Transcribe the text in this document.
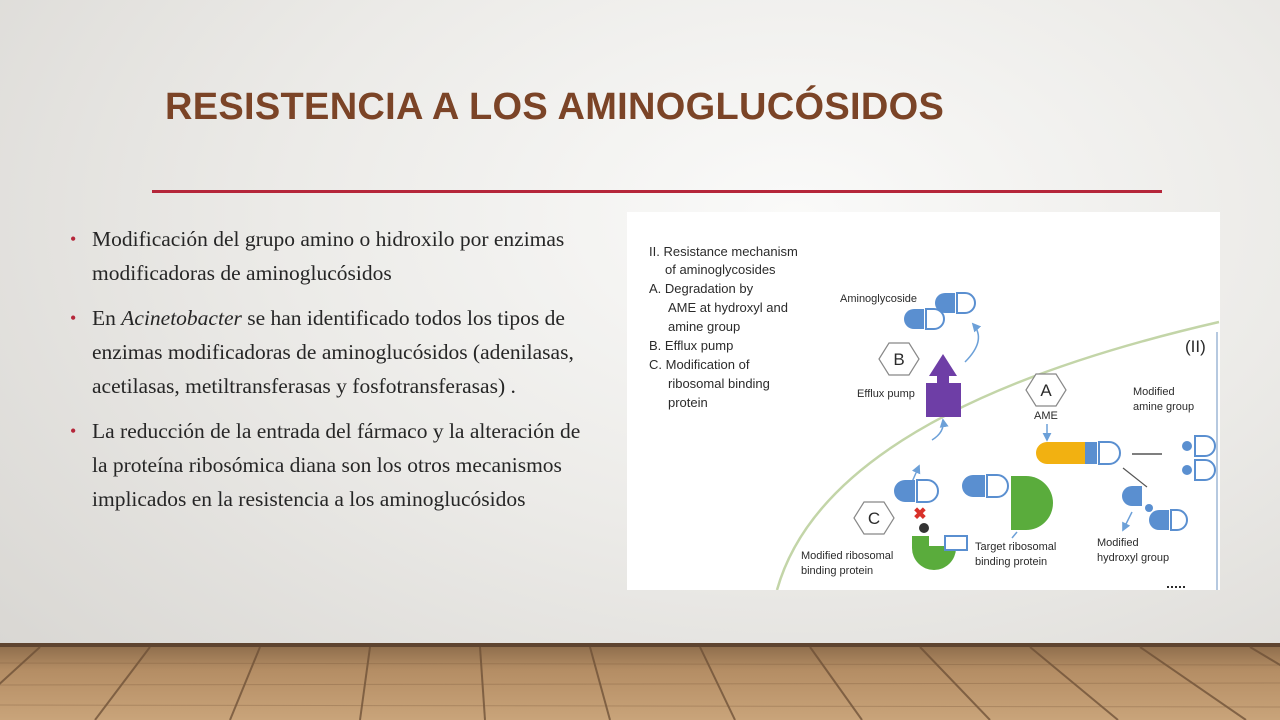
RESISTENCIA A LOS AMINOGLUCÓSIDOS
• Modificación del grupo amino o hidroxilo por enzimas modificadoras de aminoglucósidos
• En Acinetobacter se han identificado todos los tipos de enzimas modificadoras de aminoglucósidos (adenilasas, acetilasas, metiltransferasas y fosfotransferasas) .
• La reducción de la entrada del fármaco y la alteración de la proteína ribosómica diana son los otros mecanismos implicados en la resistencia a los aminoglucósidos
II. Resistance mechanism
of aminoglycosides
A. Degradation by
AME at hydroxyl and
amine group
B. Efflux pump
C. Modification of
ribosomal binding
protein
Aminoglycoside
B
Efflux pump
(II)
A
AME
Modified
amine group
Modified
hydroxyl group
Target ribosomal
binding protein
C ✖
Modified ribosomal
binding protein
